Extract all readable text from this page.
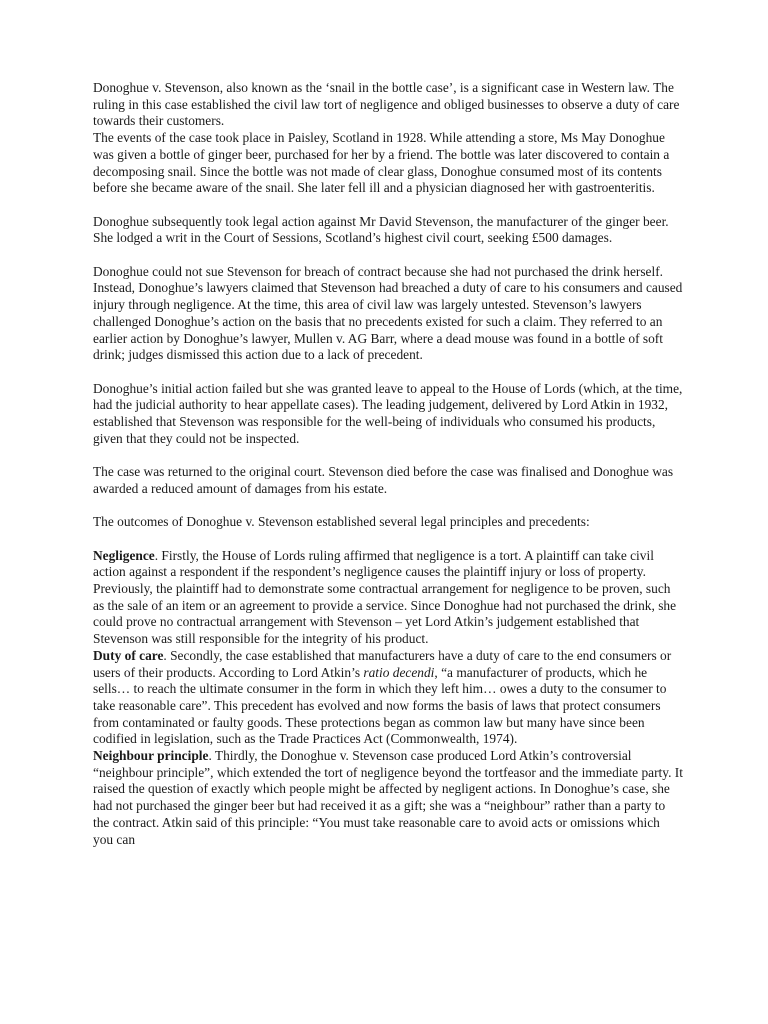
Donoghue v. Stevenson, also known as the ‘snail in the bottle case’, is a significant case in Western law. The ruling in this case established the civil law tort of negligence and obliged businesses to observe a duty of care towards their customers.

The events of the case took place in Paisley, Scotland in 1928. While attending a store, Ms May Donoghue was given a bottle of ginger beer, purchased for her by a friend. The bottle was later discovered to contain a decomposing snail. Since the bottle was not made of clear glass, Donoghue consumed most of its contents before she became aware of the snail. She later fell ill and a physician diagnosed her with gastroenteritis.

Donoghue subsequently took legal action against Mr David Stevenson, the manufacturer of the ginger beer. She lodged a writ in the Court of Sessions, Scotland’s highest civil court, seeking £500 damages.

Donoghue could not sue Stevenson for breach of contract because she had not purchased the drink herself. Instead, Donoghue’s lawyers claimed that Stevenson had breached a duty of care to his consumers and caused injury through negligence. At the time, this area of civil law was largely untested. Stevenson’s lawyers challenged Donoghue’s action on the basis that no precedents existed for such a claim. They referred to an earlier action by Donoghue’s lawyer, Mullen v. AG Barr, where a dead mouse was found in a bottle of soft drink; judges dismissed this action due to a lack of precedent.

Donoghue’s initial action failed but she was granted leave to appeal to the House of Lords (which, at the time, had the judicial authority to hear appellate cases). The leading judgement, delivered by Lord Atkin in 1932, established that Stevenson was responsible for the well-being of individuals who consumed his products, given that they could not be inspected.

The case was returned to the original court. Stevenson died before the case was finalised and Donoghue was awarded a reduced amount of damages from his estate.

The outcomes of Donoghue v. Stevenson established several legal principles and precedents:

Negligence. Firstly, the House of Lords ruling affirmed that negligence is a tort. A plaintiff can take civil action against a respondent if the respondent’s negligence causes the plaintiff injury or loss of property. Previously, the plaintiff had to demonstrate some contractual arrangement for negligence to be proven, such as the sale of an item or an agreement to provide a service. Since Donoghue had not purchased the drink, she could prove no contractual arrangement with Stevenson – yet Lord Atkin’s judgement established that Stevenson was still responsible for the integrity of his product.

Duty of care. Secondly, the case established that manufacturers have a duty of care to the end consumers or users of their products. According to Lord Atkin’s ratio decendi, “a manufacturer of products, which he sells… to reach the ultimate consumer in the form in which they left him… owes a duty to the consumer to take reasonable care”. This precedent has evolved and now forms the basis of laws that protect consumers from contaminated or faulty goods. These protections began as common law but many have since been codified in legislation, such as the Trade Practices Act (Commonwealth, 1974).

Neighbour principle. Thirdly, the Donoghue v. Stevenson case produced Lord Atkin’s controversial “neighbour principle”, which extended the tort of negligence beyond the tortfeasor and the immediate party. It raised the question of exactly which people might be affected by negligent actions. In Donoghue’s case, she had not purchased the ginger beer but had received it as a gift; she was a “neighbour” rather than a party to the contract. Atkin said of this principle: “You must take reasonable care to avoid acts or omissions which you can
